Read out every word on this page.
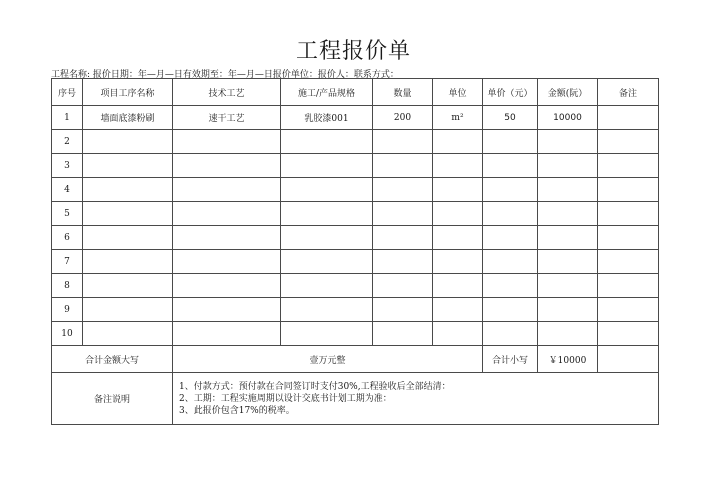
工程报价单
工程名称: 报价日期：年—月—日有效期至：年—月—日报价单位：报价人：联系方式：
序号	项目工序名称	技术工艺	施工/产品规格	数量	单位	单价（元）	金额(阮）	备注
1	墙面底漆粉刷	速干工艺	乳胶漆001	200	m²	50	10000	
2								
3								
4								
5								
6								
7								
8								
9								
10								
合计金额大写		壹万元整				合计小写	￥10000	
备注说明		1、付款方式：预付款在合同签订时支付30%,工程验收后全部结清：
2、工期：工程实施周期以设计交底书计划工期为准：
3、此报价包含17%的税率。						
